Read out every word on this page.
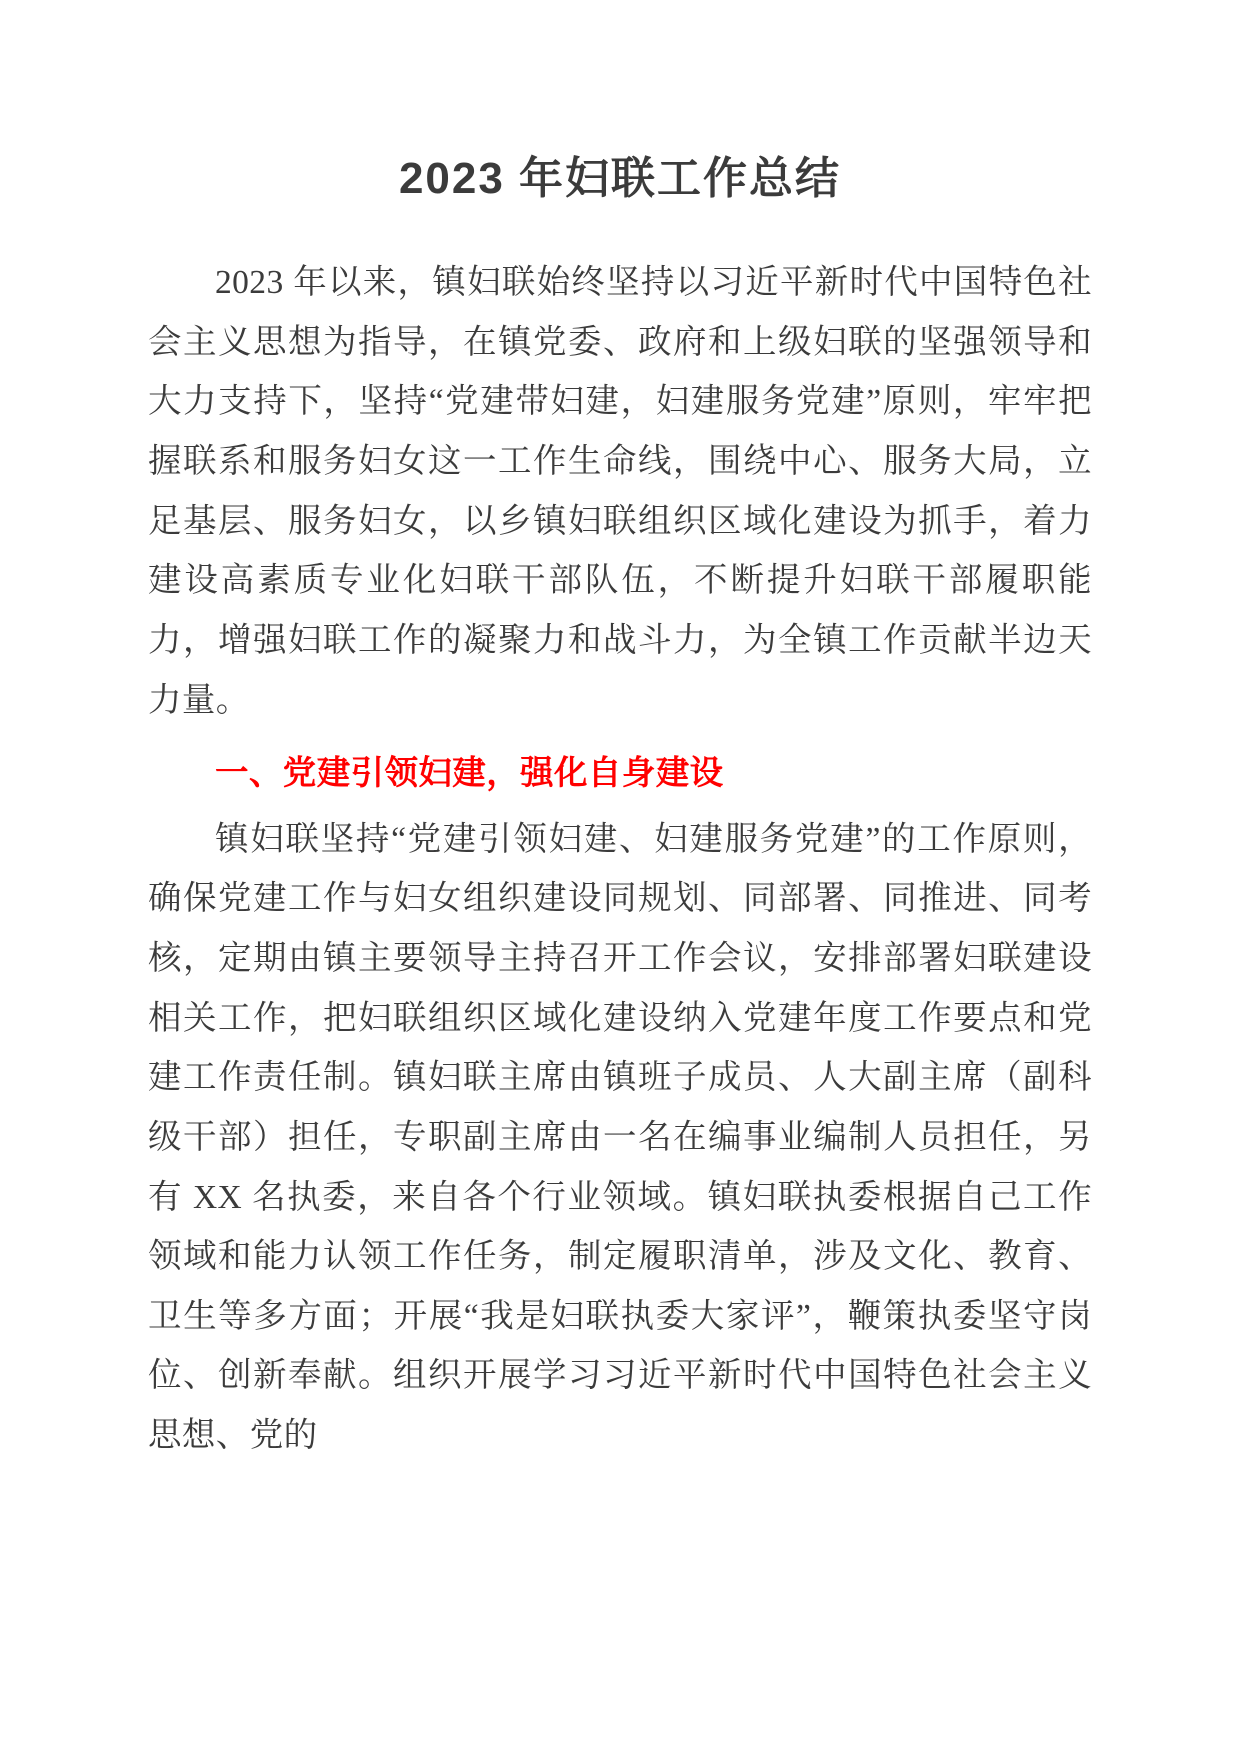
2023 年妇联工作总结

2023 年以来，镇妇联始终坚持以习近平新时代中国特色社会主义思想为指导，在镇党委、政府和上级妇联的坚强领导和大力支持下，坚持“党建带妇建，妇建服务党建”原则，牢牢把握联系和服务妇女这一工作生命线，围绕中心、服务大局，立足基层、服务妇女，以乡镇妇联组织区域化建设为抓手，着力建设高素质专业化妇联干部队伍，不断提升妇联干部履职能力，增强妇联工作的凝聚力和战斗力，为全镇工作贡献半边天力量。

一、党建引领妇建，强化自身建设

镇妇联坚持“党建引领妇建、妇建服务党建”的工作原则，确保党建工作与妇女组织建设同规划、同部署、同推进、同考核，定期由镇主要领导主持召开工作会议，安排部署妇联建设相关工作，把妇联组织区域化建设纳入党建年度工作要点和党建工作责任制。镇妇联主席由镇班子成员、人大副主席（副科级干部）担任，专职副主席由一名在编事业编制人员担任，另有 XX 名执委，来自各个行业领域。镇妇联执委根据自己工作领域和能力认领工作任务，制定履职清单，涉及文化、教育、卫生等多方面；开展“我是妇联执委大家评”，鞭策执委坚守岗位、创新奉献。组织开展学习习近平新时代中国特色社会主义思想、党的
